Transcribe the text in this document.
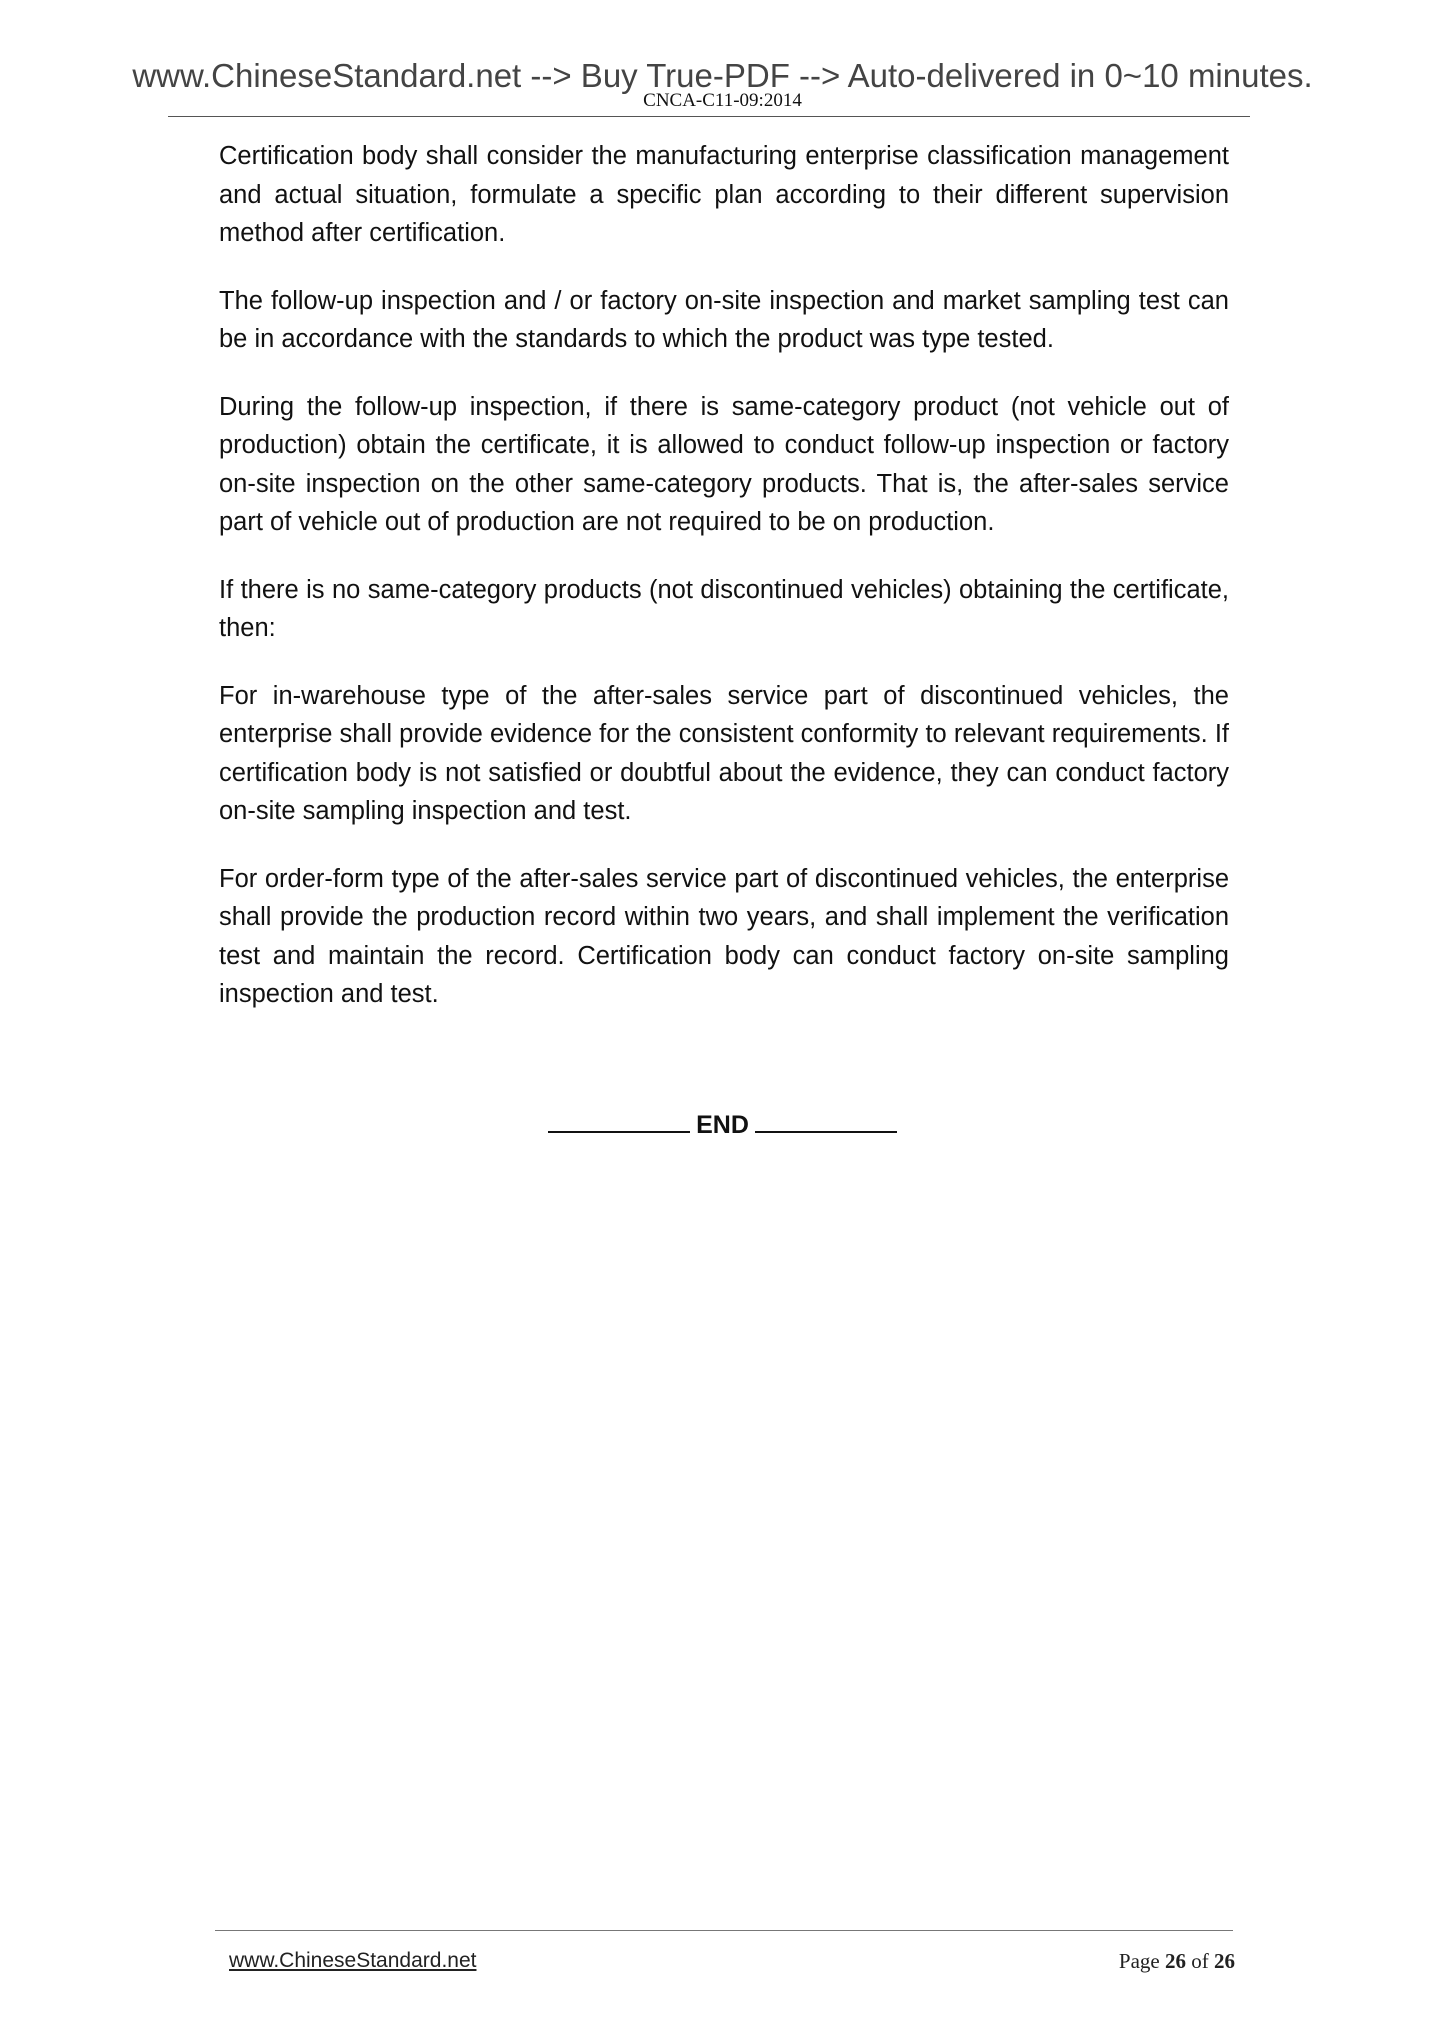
www.ChineseStandard.net --> Buy True-PDF --> Auto-delivered in 0~10 minutes.
CNCA-C11-09:2014

Certification body shall consider the manufacturing enterprise classification management and actual situation, formulate a specific plan according to their different supervision method after certification.

The follow-up inspection and / or factory on-site inspection and market sampling test can be in accordance with the standards to which the product was type tested.

During the follow-up inspection, if there is same-category product (not vehicle out of production) obtain the certificate, it is allowed to conduct follow-up inspection or factory on-site inspection on the other same-category products. That is, the after-sales service part of vehicle out of production are not required to be on production.

If there is no same-category products (not discontinued vehicles) obtaining the certificate, then:

For in-warehouse type of the after-sales service part of discontinued vehicles, the enterprise shall provide evidence for the consistent conformity to relevant requirements. If certification body is not satisfied or doubtful about the evidence, they can conduct factory on-site sampling inspection and test.

For order-form type of the after-sales service part of discontinued vehicles, the enterprise shall provide the production record within two years, and shall implement the verification test and maintain the record. Certification body can conduct factory on-site sampling inspection and test.

END
www.ChineseStandard.net	Page 26 of 26
